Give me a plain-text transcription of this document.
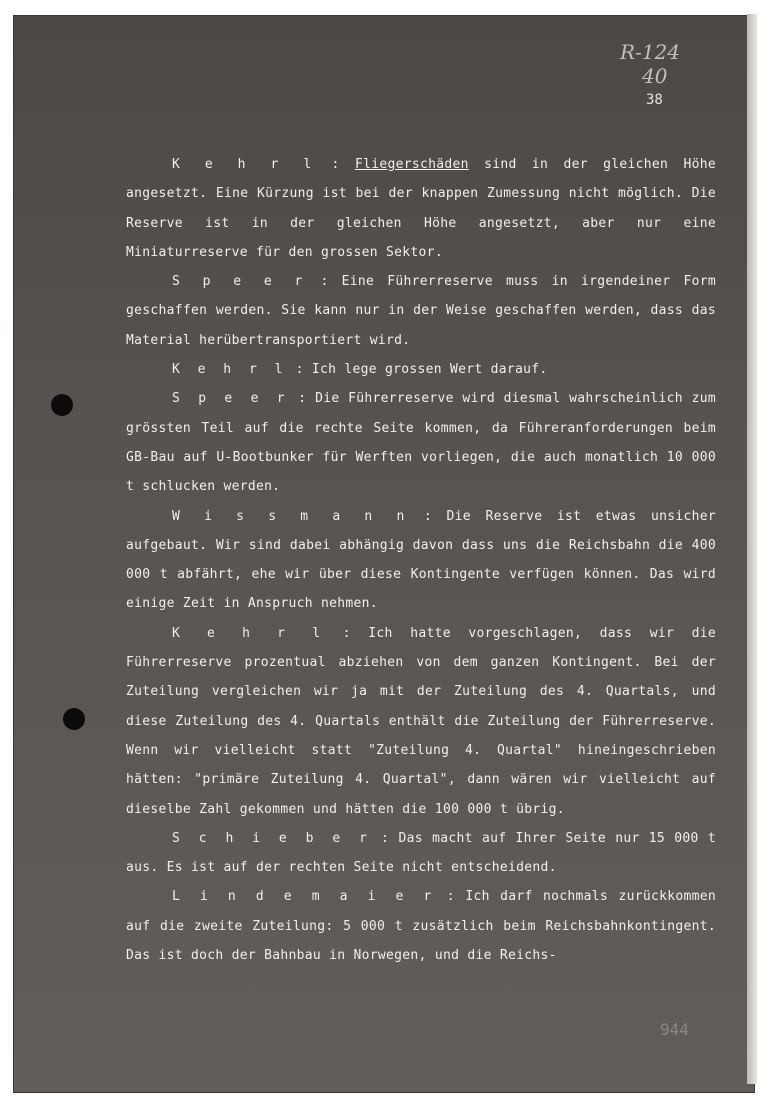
R-124
40
38

K e h r l : Fliegerschäden sind in der gleichen Höhe angesetzt. Eine Kürzung ist bei der knappen Zumessung nicht möglich. Die Reserve ist in der gleichen Höhe angesetzt, aber nur eine Miniaturreserve für den grossen Sektor.

S p e e r : Eine Führerreserve muss in irgendeiner Form geschaffen werden. Sie kann nur in der Weise geschaffen werden, dass das Material herübertransportiert wird.

K e h r l : Ich lege grossen Wert darauf.

S p e e r : Die Führerreserve wird diesmal wahrscheinlich zum grössten Teil auf die rechte Seite kommen, da Führeranforderungen beim GB-Bau auf U-Bootbunker für Werften vorliegen, die auch monatlich 10 000 t schlucken werden.

W i s s m a n n : Die Reserve ist etwas unsicher aufgebaut. Wir sind dabei abhängig davon dass uns die Reichsbahn die 400 000 t abfährt, ehe wir über diese Kontingente verfügen können. Das wird einige Zeit in Anspruch nehmen.

K e h r l : Ich hatte vorgeschlagen, dass wir die Führerreserve prozentual abziehen von dem ganzen Kontingent. Bei der Zuteilung vergleichen wir ja mit der Zuteilung des 4. Quartals, und diese Zuteilung des 4. Quartals enthält die Zuteilung der Führerreserve. Wenn wir vielleicht statt "Zuteilung 4. Quartal" hineingeschrieben hätten: "primäre Zuteilung 4. Quartal", dann wären wir vielleicht auf dieselbe Zahl gekommen und hätten die 100 000 t übrig.

S c h i e b e r : Das macht auf Ihrer Seite nur 15 000 t aus. Es ist auf der rechten Seite nicht entscheidend.

L i n d e m a i e r : Ich darf nochmals zurückkommen auf die zweite Zuteilung: 5 000 t zusätzlich beim Reichsbahnkontingent. Das ist doch der Bahnbau in Norwegen, und die Reichs-

944
